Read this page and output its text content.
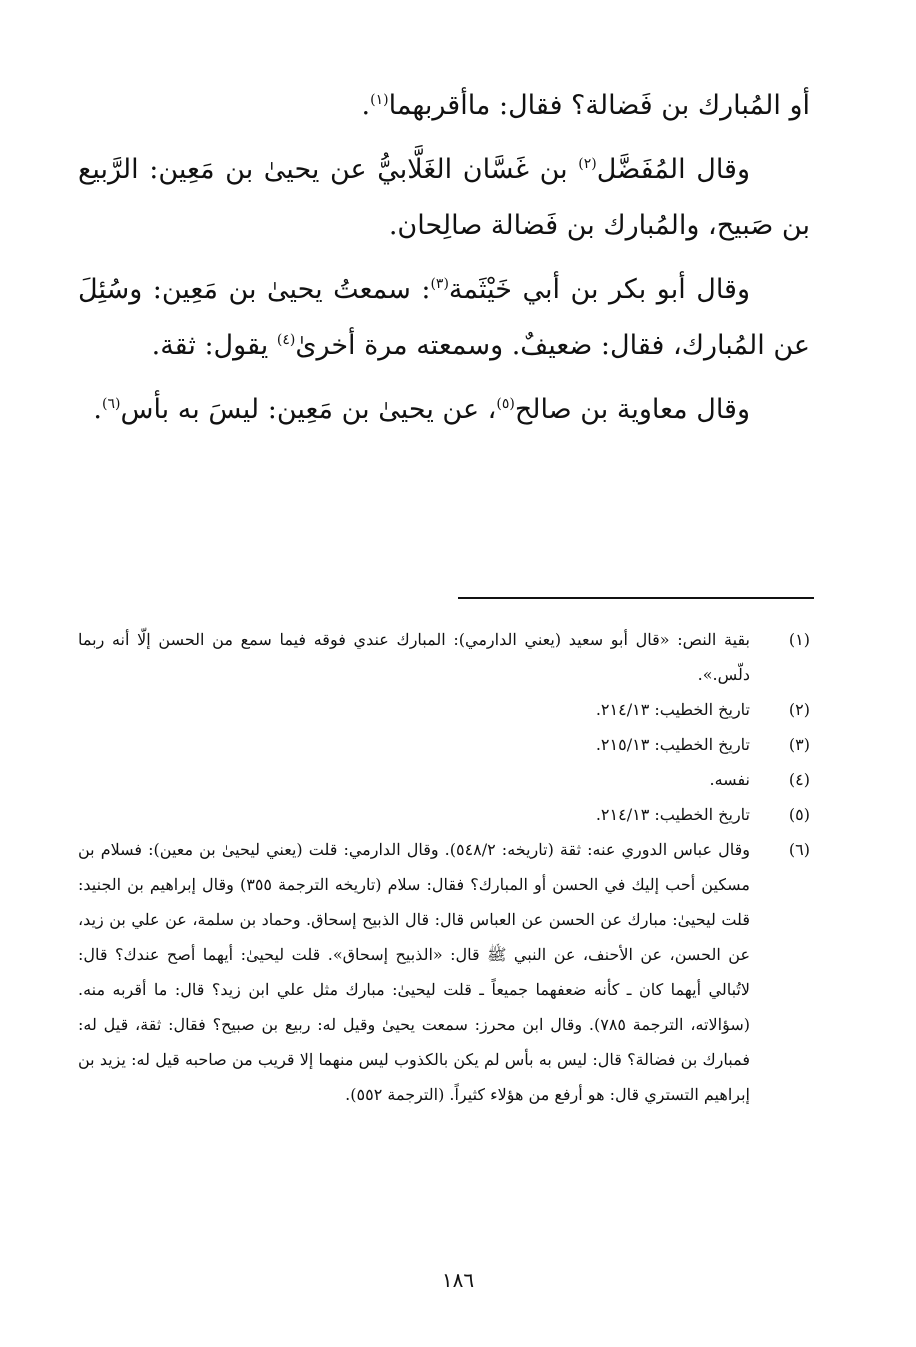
أو المُبارك بن فَضالة؟ فقال: ماأقربهما$^{(١)}$.

وقال المُفَضَّل$^{(٢)}$ بن غَسَّان الغَلَّابيُّ عن يحيىٰ بن مَعِين: الرَّبيع بن صَبيح، والمُبارك بن فَضالة صالِحان.

وقال أبو بكر بن أبي خَيْثَمة$^{(٣)}$: سمعتُ يحيىٰ بن مَعِين: وسُئِلَ عن المُبارك، فقال: ضعيفٌ. وسمعته مرة أخرىٰ$^{(٤)}$ يقول: ثقة.

وقال معاوية بن صالح$^{(٥)}$، عن يحيىٰ بن مَعِين: ليسَ به بأس$^{(٦)}$.

(١)
بقية النص: «قال أبو سعيد (يعني الدارمي): المبارك عندي فوقه فيما سمع من الحسن إلّا أنه ربما دلّس.».
(٢)
تاريخ الخطيب: ٢١٤/١٣.
(٣)
تاريخ الخطيب: ٢١٥/١٣.
(٤)
نفسه.
(٥)
تاريخ الخطيب: ٢١٤/١٣.
(٦)
وقال عباس الدوري عنه: ثقة (تاريخه: ٥٤٨/٢). وقال الدارمي: قلت (يعني ليحيىٰ بن معين): فسلام بن مسكين أحب إليك في الحسن أو المبارك؟ فقال: سلام (تاريخه الترجمة ٣٥٥) وقال إبراهيم بن الجنيد: قلت ليحيىٰ: مبارك عن الحسن عن العباس قال: قال الذبيح إسحاق. وحماد بن سلمة، عن علي بن زيد، عن الحسن، عن الأحنف، عن النبي ﷺ قال: «الذبيح إسحاق». قلت ليحيىٰ: أيهما أصح عندك؟ قال: لاتُبالي أيهما كان ـ كأنه ضعفهما جميعاً ـ قلت ليحيىٰ: مبارك مثل علي ابن زيد؟ قال: ما أقربه منه. (سؤالاته، الترجمة ٧٨٥). وقال ابن محرز: سمعت يحيىٰ وقيل له: ربيع بن صبيح؟ فقال: ثقة، قيل له: فمبارك بن فضالة؟ قال: ليس به بأس لم يكن بالكذوب ليس منهما إلا قريب من صاحبه قيل له: يزيد بن إبراهيم التستري قال: هو أرفع من هؤلاء كثيراً. (الترجمة ٥٥٢).
١٨٦
